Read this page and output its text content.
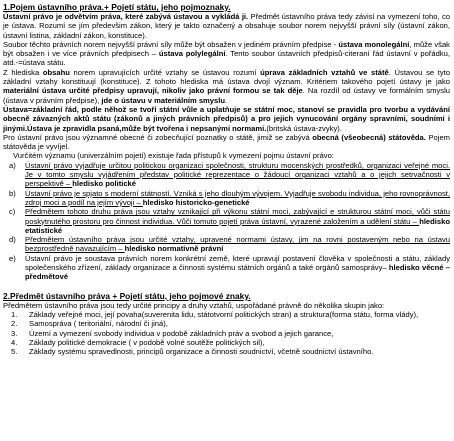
1.Pojem ústavního práva.+ Pojetí státu, jeho pojmoznaky.

Ústavní právo je odvětvím práva, které zabývá ústavou a vykládá ji. Předmět ústavního práva tedy závisí na vymezení toho, co je ústava. Rozumí se jím předevšim zákon, který je takto označený a obsahuje soubor norem nejvyšší právní síly (ústavní zákon, ústavní listina, základní zákon, konstituce).

Soubor těchto právních norem nejvyšší právní síly může být obsažen v jediném právním předpise - ústava monolegální, může však být obsažen i ve více právních předpisech – ústava polylegální. Tento soubor ústavních předpisů-citeraní řád ústavní v pořádku, atd.-=ústava státu.

Z hlediska obsahu norem upravujících určité vztahy se ústavou rozumí úprava základních vztahů ve státě. Ústavou se tyto základní vztahy konstituují (konstituce). Z tohoto hlediska má ústava dvojí význam. Kritériem takového pojetí ústavy je jako materiální ústava určité předpisy upravují, nikoliv jako právní formou se tak děje. Na rozdíl od ústavy ve formálním smyslu (ústava v právním předpise), jde o ústavu v materiálním smyslu.

Ústava=základní řád, podle něhož se tvoří státní vůle a uplatňuje se státní moc, stanoví se pravidla pro tvorbu a vydávání obecně závazných aktů státu (zákonů a jiných právních předpisů) a pro jejich vynucování orgány spravními, soudními i jinými.Ústava je zpravidla psaná,může být tvořena i nepsanými normami.(britská ústava-zvyky).

Pro ústavní právo jsou významné obecné či zobecňující poznatky o státě, jimiž se zabývá obecná (všeobecná) státověda. Pojem státověda je vyvíjel.

Vurčitém významu (univerzálním pojetí) existuje řada přístupů k vymezení pojmu ústavní právo:

a) Ústavní právo vyjadřuje určitou politickou organizaci společnosti, strukturu mocenských prostředků, organizaci veřejné moci. Je v tomto smyslu vyjádřením představ politické reprezentace o žádoucí organizaci vztahů a o jejich setrvačnosti v perspektivě – hledisko politické
b) Ústavní právo je spjato s moderní státností. Vzniká s jeho dlouhým vývojem. Vyjadřuje svobodu individua, jeho rovnoprávnost, zdroj moci a podíl na jejím vývoji – hledisko historicko-genetické
c) Předmětem tohoto druhu práva jsou vztahy vznikající při výkonu státní moci, zabývající e strukturou státní moci, vůči státu poskytnutého prostoru pro činnost individua. Vůči tomuto pojetí práva ústavní, vyrazené založením a udělení státu – hledisko etatistické
d) Předmětem ústavního práva jsou určité vztahy, upravené normami ústavy, jim na rovni postaveným nebo na ústavu bezprostředně navazujícím – hledisko normativně právní
e) Ústavní právo je soustava právních norem konkrétní země, které upravují postavení člověka v společnosti a státu, základy společenského zřízení, základy organizace a činnosti systému státních orgánů a také orgánů samosprávy– hledisko věcné – předmětové
2.Předmět ústavního práva + Pojetí státu, jeho pojmové znaky.

Předmětem ústavního práva jsou tedy určité principy a druhy vztahů, uspořádané právně do několika skupin jako:

1. Základy veřejné moci, její povaha(suverenita lidu, státotvorní politických stran) a struktura(forma státu, forma vlády),
2. Samospráva ( teritoriální, národní či jiná),
3. Území a vymezení svobody individua v podobě základních práv a svobod a jejich garance,
4. Základy politické demokracie ( v podobě volné soutěže politických sil),
5. Základy systému spravedlnosti, principů organizace a činnosti soudnictví, včetně soudnictví ústavního.
